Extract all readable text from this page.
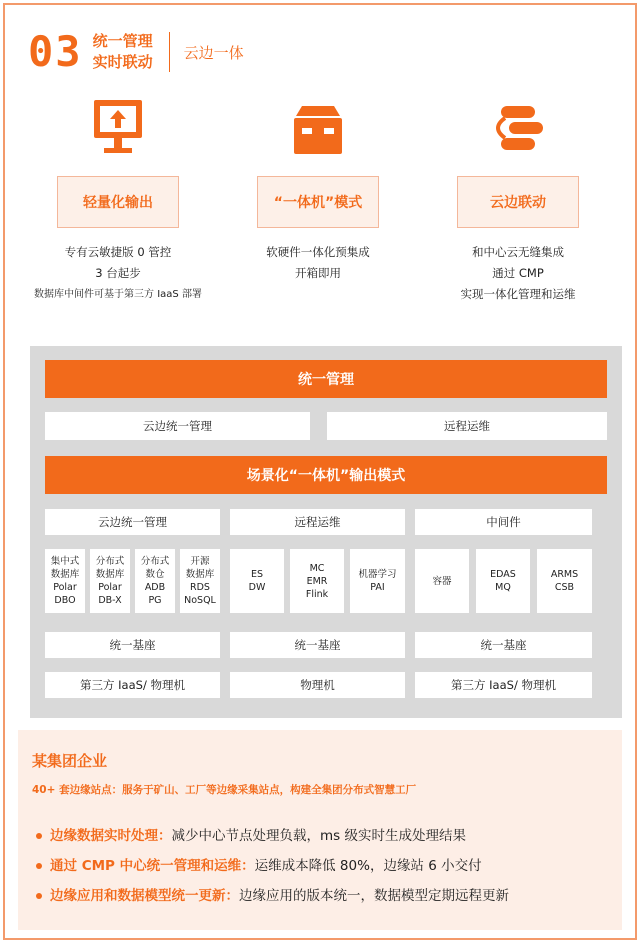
03 统一管理
实时联动
云边一体
轻量化输出
专有云敏捷版 0 管控
3 台起步
数据库中间件可基于第三方 IaaS 部署
“一体机”模式
软硬件一体化预集成
开箱即用
云边联动
和中心云无缝集成
通过 CMP
实现一体化管理和运维
统一管理
云边统一管理	远程运维
场景化“一体机”输出模式
云边统一管理
集中式
数据库
Polar
DBO
分布式
数据库
Polar
DB-X
分布式
数仓
ADB
PG
开源
数据库
RDS
NoSQL
统一基座
第三方 IaaS/ 物理机
远程运维
ES
DW
MC
EMR
Flink
机器学习
PAI
统一基座
物理机
中间件
容器
EDAS
MQ
ARMS
CSB
统一基座
第三方 IaaS/ 物理机
某集团企业
40+ 套边缘站点：服务于矿山、工厂等边缘采集站点，构建全集团分布式智慧工厂
边缘数据实时处理：减少中心节点处理负载，ms 级实时生成处理结果
通过 CMP 中心统一管理和运维：运维成本降低 80%，边缘站 6 小交付
边缘应用和数据模型统一更新：边缘应用的版本统一，数据模型定期远程更新
